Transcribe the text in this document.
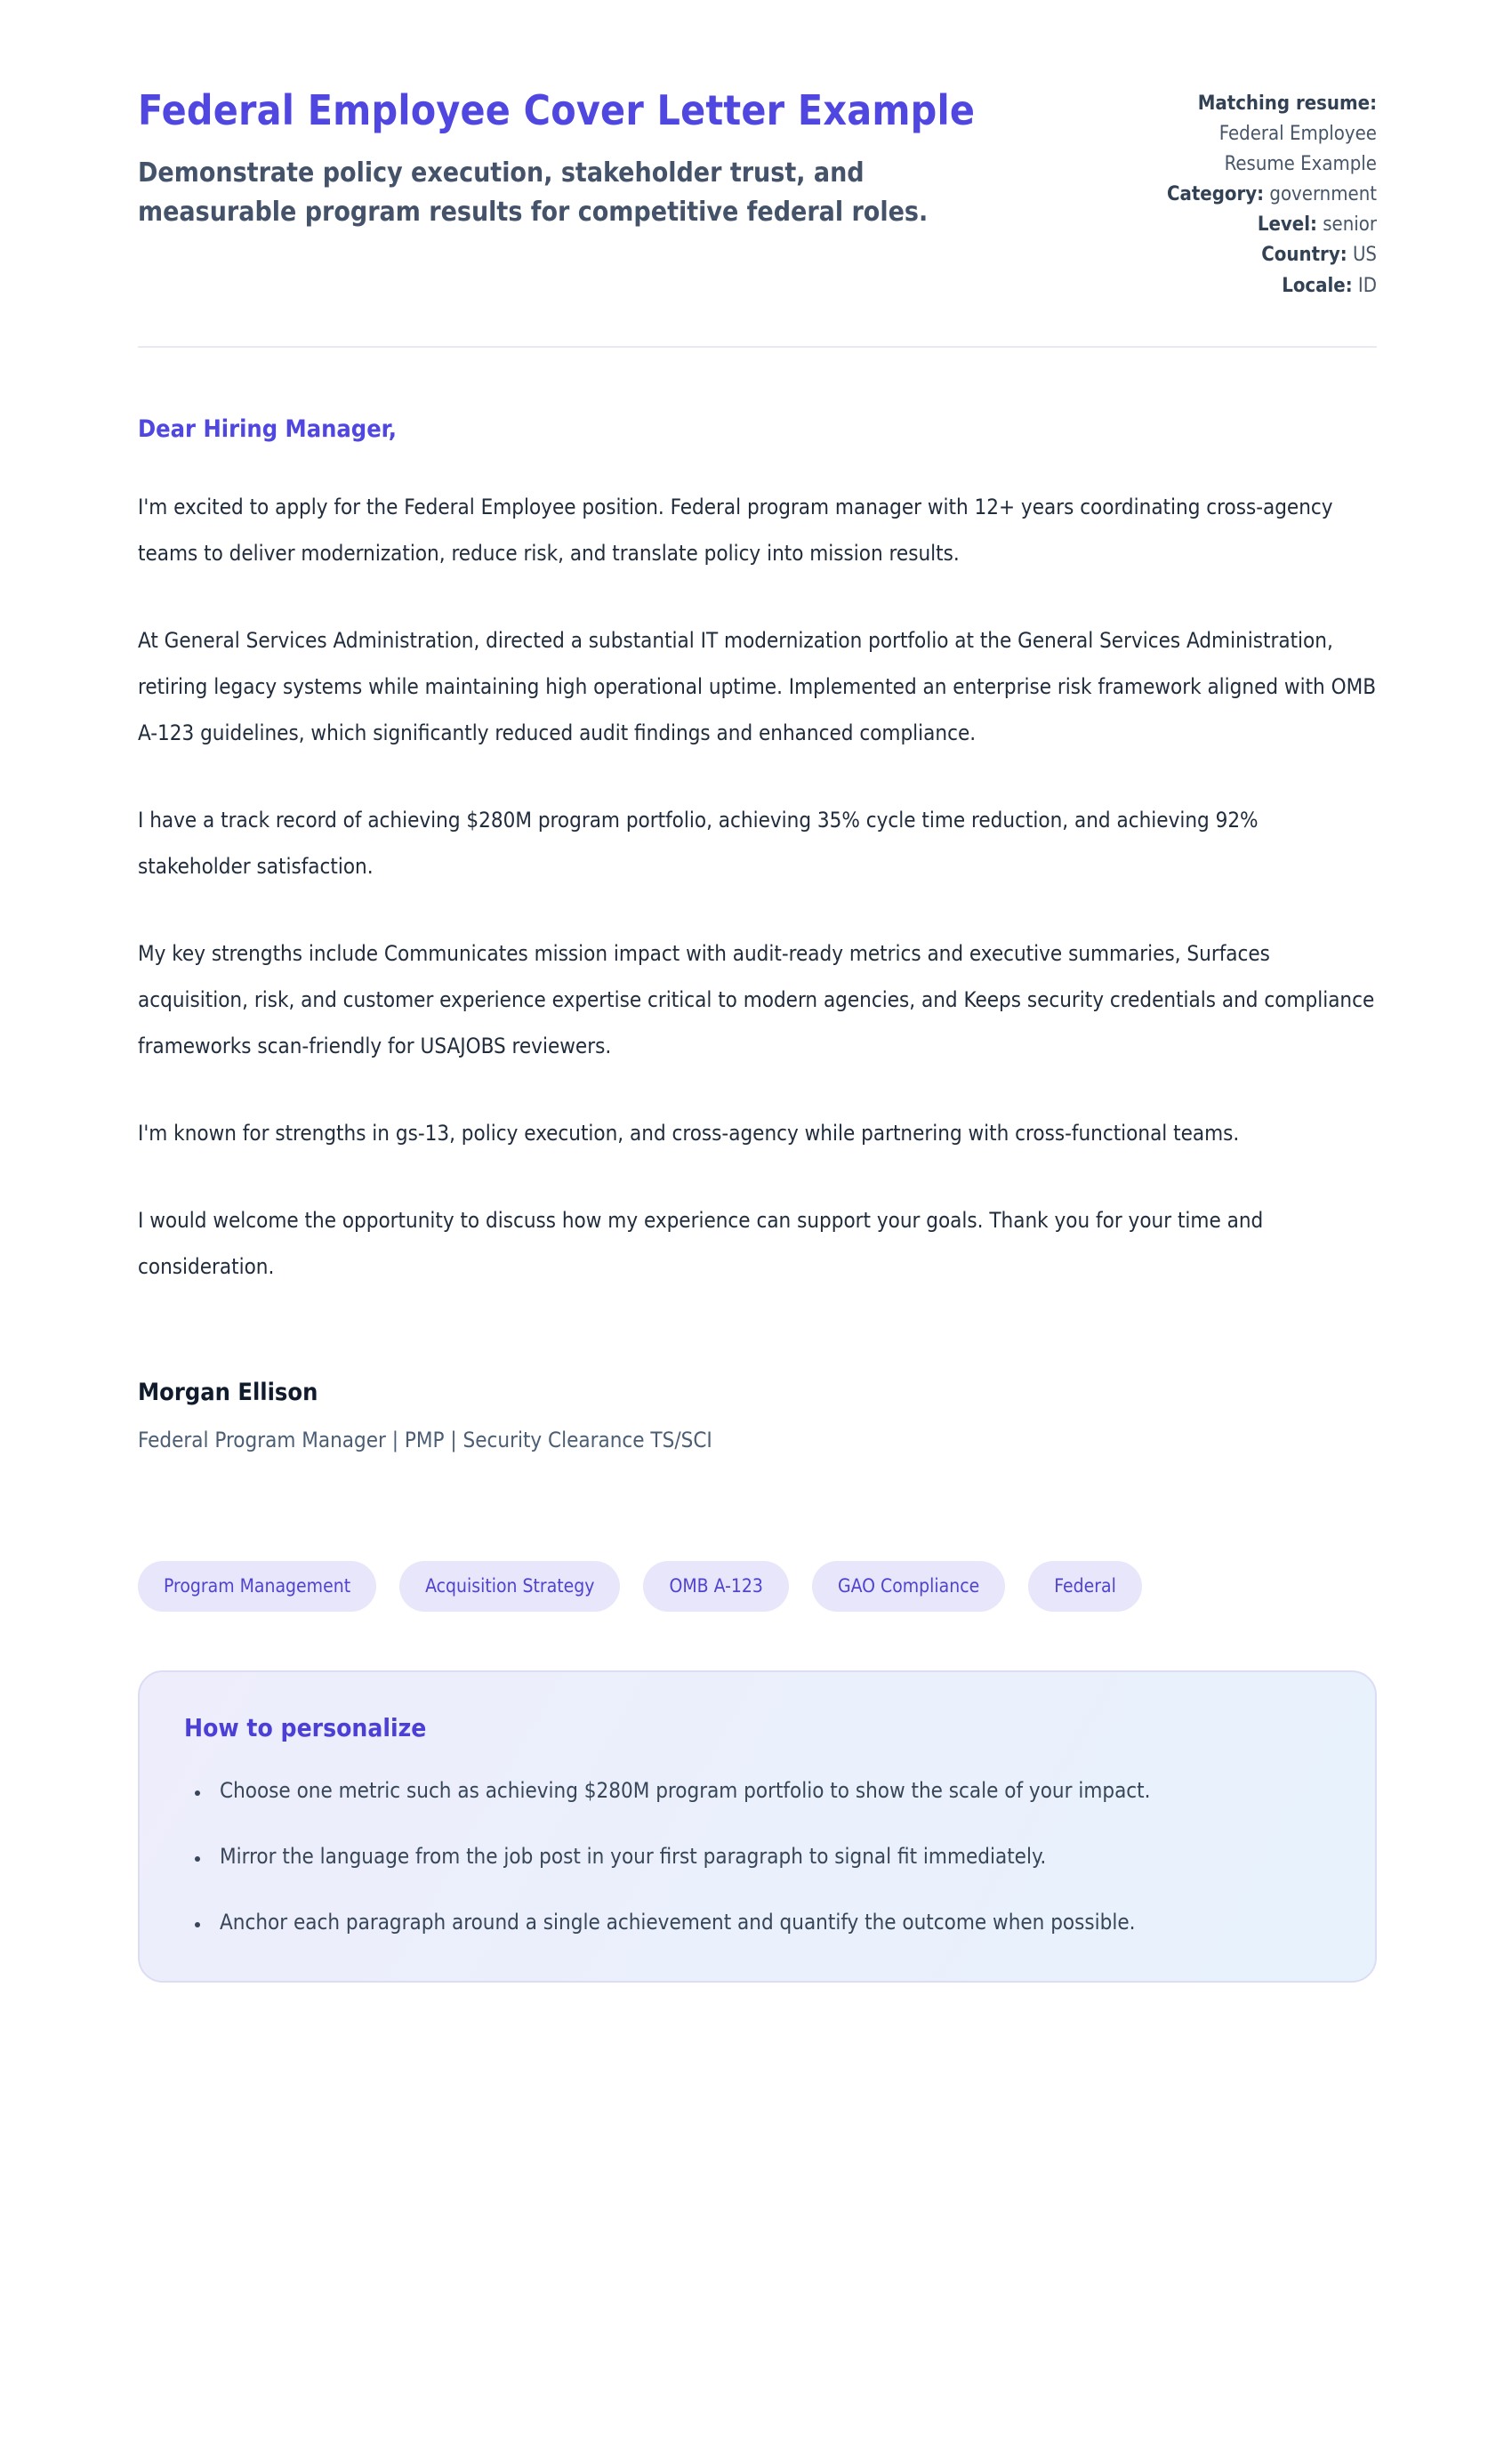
Federal Employee Cover Letter Example
Demonstrate policy execution, stakeholder trust, and measurable program results for competitive federal roles.
Matching resume:
Federal Employee Resume Example
Category: government
Level: senior
Country: US
Locale: ID
Dear Hiring Manager,

I'm excited to apply for the Federal Employee position. Federal program manager with 12+ years coordinating cross-agency teams to deliver modernization, reduce risk, and translate policy into mission results.

At General Services Administration, directed a substantial IT modernization portfolio at the General Services Administration, retiring legacy systems while maintaining high operational uptime. Implemented an enterprise risk framework aligned with OMB A-123 guidelines, which significantly reduced audit findings and enhanced compliance.

I have a track record of achieving $280M program portfolio, achieving 35% cycle time reduction, and achieving 92% stakeholder satisfaction.

My key strengths include Communicates mission impact with audit-ready metrics and executive summaries, Surfaces acquisition, risk, and customer experience expertise critical to modern agencies, and Keeps security credentials and compliance frameworks scan-friendly for USAJOBS reviewers.

I'm known for strengths in gs-13, policy execution, and cross-agency while partnering with cross-functional teams.

I would welcome the opportunity to discuss how my experience can support your goals. Thank you for your time and consideration.

Morgan Ellison
Federal Program Manager | PMP | Security Clearance TS/SCI
Program Management	Acquisition Strategy	OMB A-123	GAO Compliance	Federal
How to personalize
• Choose one metric such as achieving $280M program portfolio to show the scale of your impact.
• Mirror the language from the job post in your first paragraph to signal fit immediately.
• Anchor each paragraph around a single achievement and quantify the outcome when possible.
